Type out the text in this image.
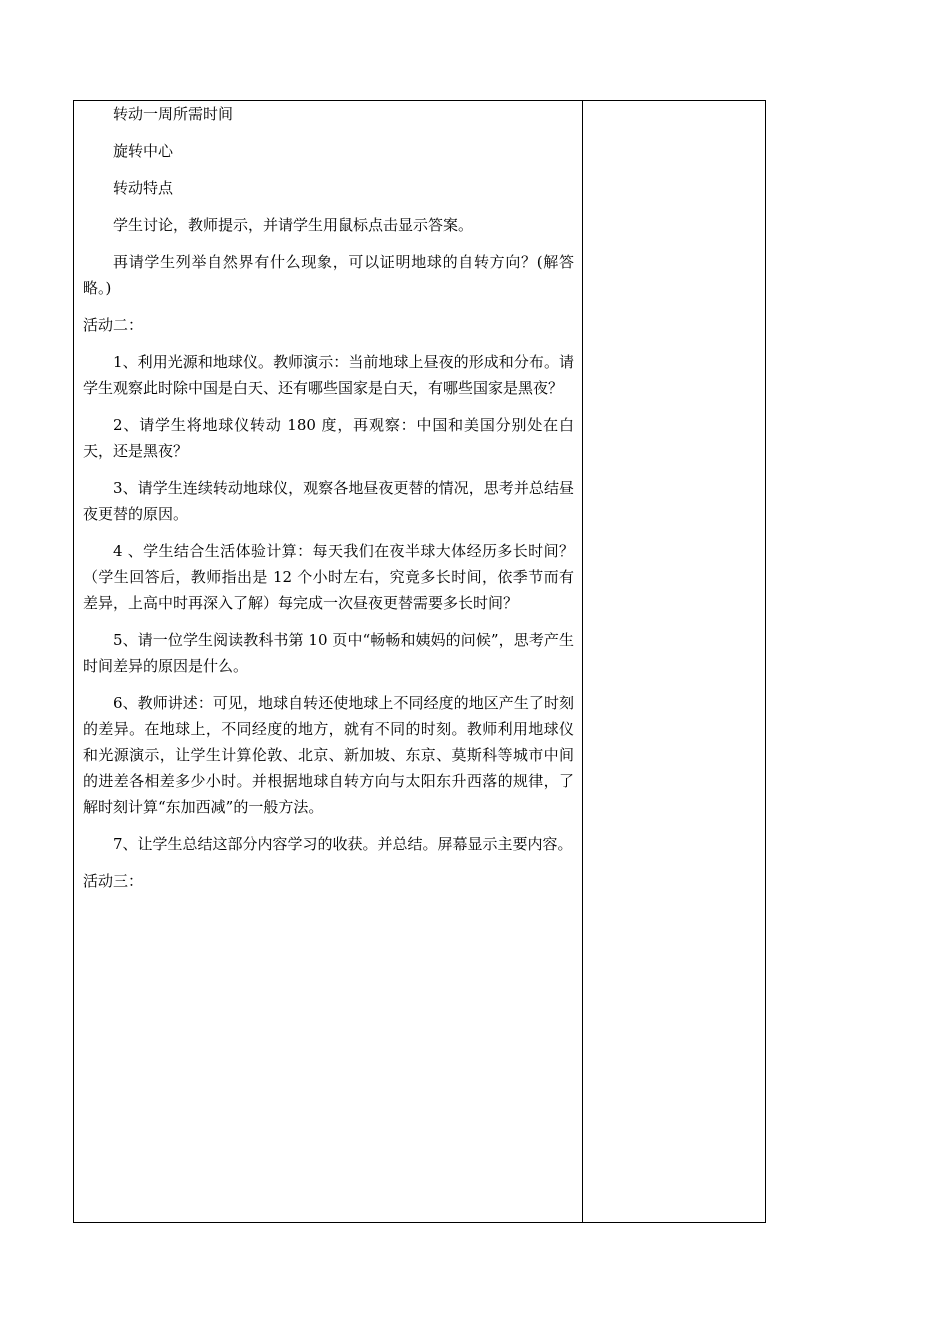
转动一周所需时间

旋转中心

转动特点

学生讨论，教师提示，并请学生用鼠标点击显示答案。

再请学生列举自然界有什么现象，可以证明地球的自转方向？(解答略。)

活动二：

1、利用光源和地球仪。教师演示：当前地球上昼夜的形成和分布。请学生观察此时除中国是白天、还有哪些国家是白天，有哪些国家是黑夜？

2、请学生将地球仪转动 180 度，再观察：中国和美国分别处在白天，还是黑夜？

3、请学生连续转动地球仪，观察各地昼夜更替的情况，思考并总结昼夜更替的原因。

4 、学生结合生活体验计算：每天我们在夜半球大体经历多长时间？（学生回答后，教师指出是 12 个小时左右，究竟多长时间，依季节而有差异，上高中时再深入了解）每完成一次昼夜更替需要多长时间？

5、请一位学生阅读教科书第 10 页中“畅畅和姨妈的问候”，思考产生时间差异的原因是什么。

6、教师讲述：可见，地球自转还使地球上不同经度的地区产生了时刻的差异。在地球上，不同经度的地方，就有不同的时刻。教师利用地球仪和光源演示，让学生计算伦敦、北京、新加坡、东京、莫斯科等城市中间的进差各相差多少小时。并根据地球自转方向与太阳东升西落的规律，了解时刻计算“东加西减”的一般方法。

7、让学生总结这部分内容学习的收获。并总结。屏幕显示主要内容。

活动三：
